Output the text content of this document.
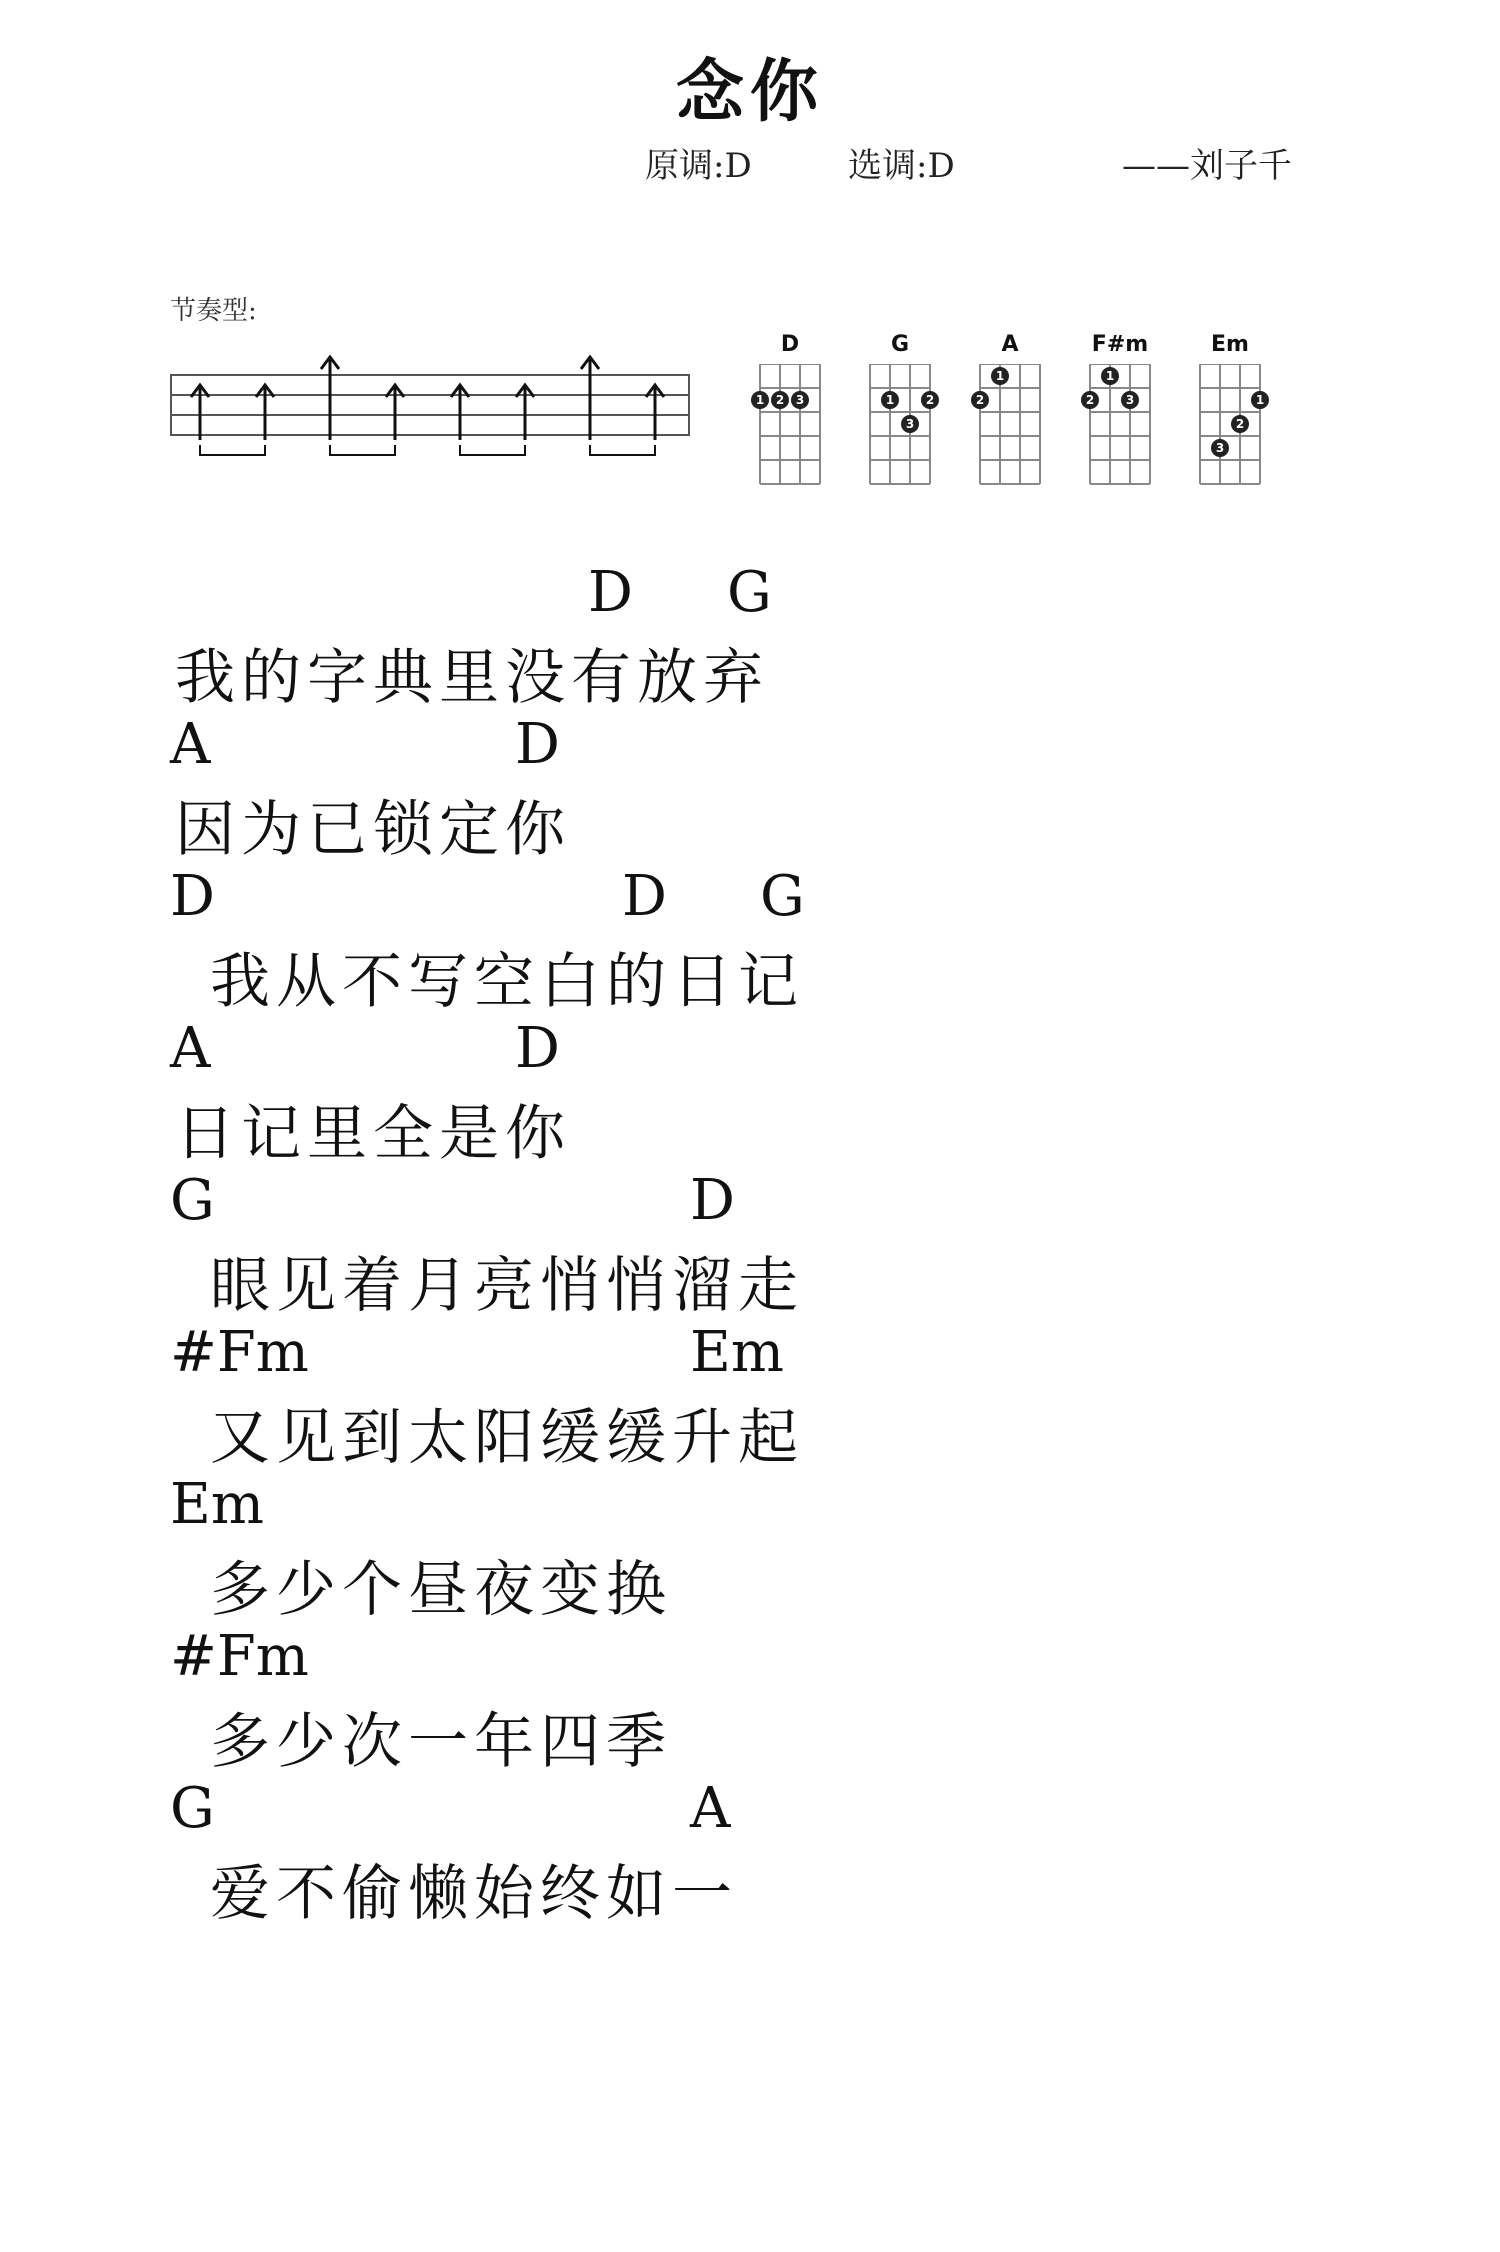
念你
原调:D	选调:D	——刘子千
节奏型:
D
1 2 3
G
1	2
3
A
1
2
F#m
1
2	3
Em
1
2
3
D G
我的字典里没有放弃
A	D
因为已锁定你
D	D G
我从不写空白的日记
A	D
日记里全是你
G	D
眼见着月亮悄悄溜走
#Fm	Em
又见到太阳缓缓升起
Em
多少个昼夜变换
#Fm
多少次一年四季
G	A
爱不偷懒始终如一
